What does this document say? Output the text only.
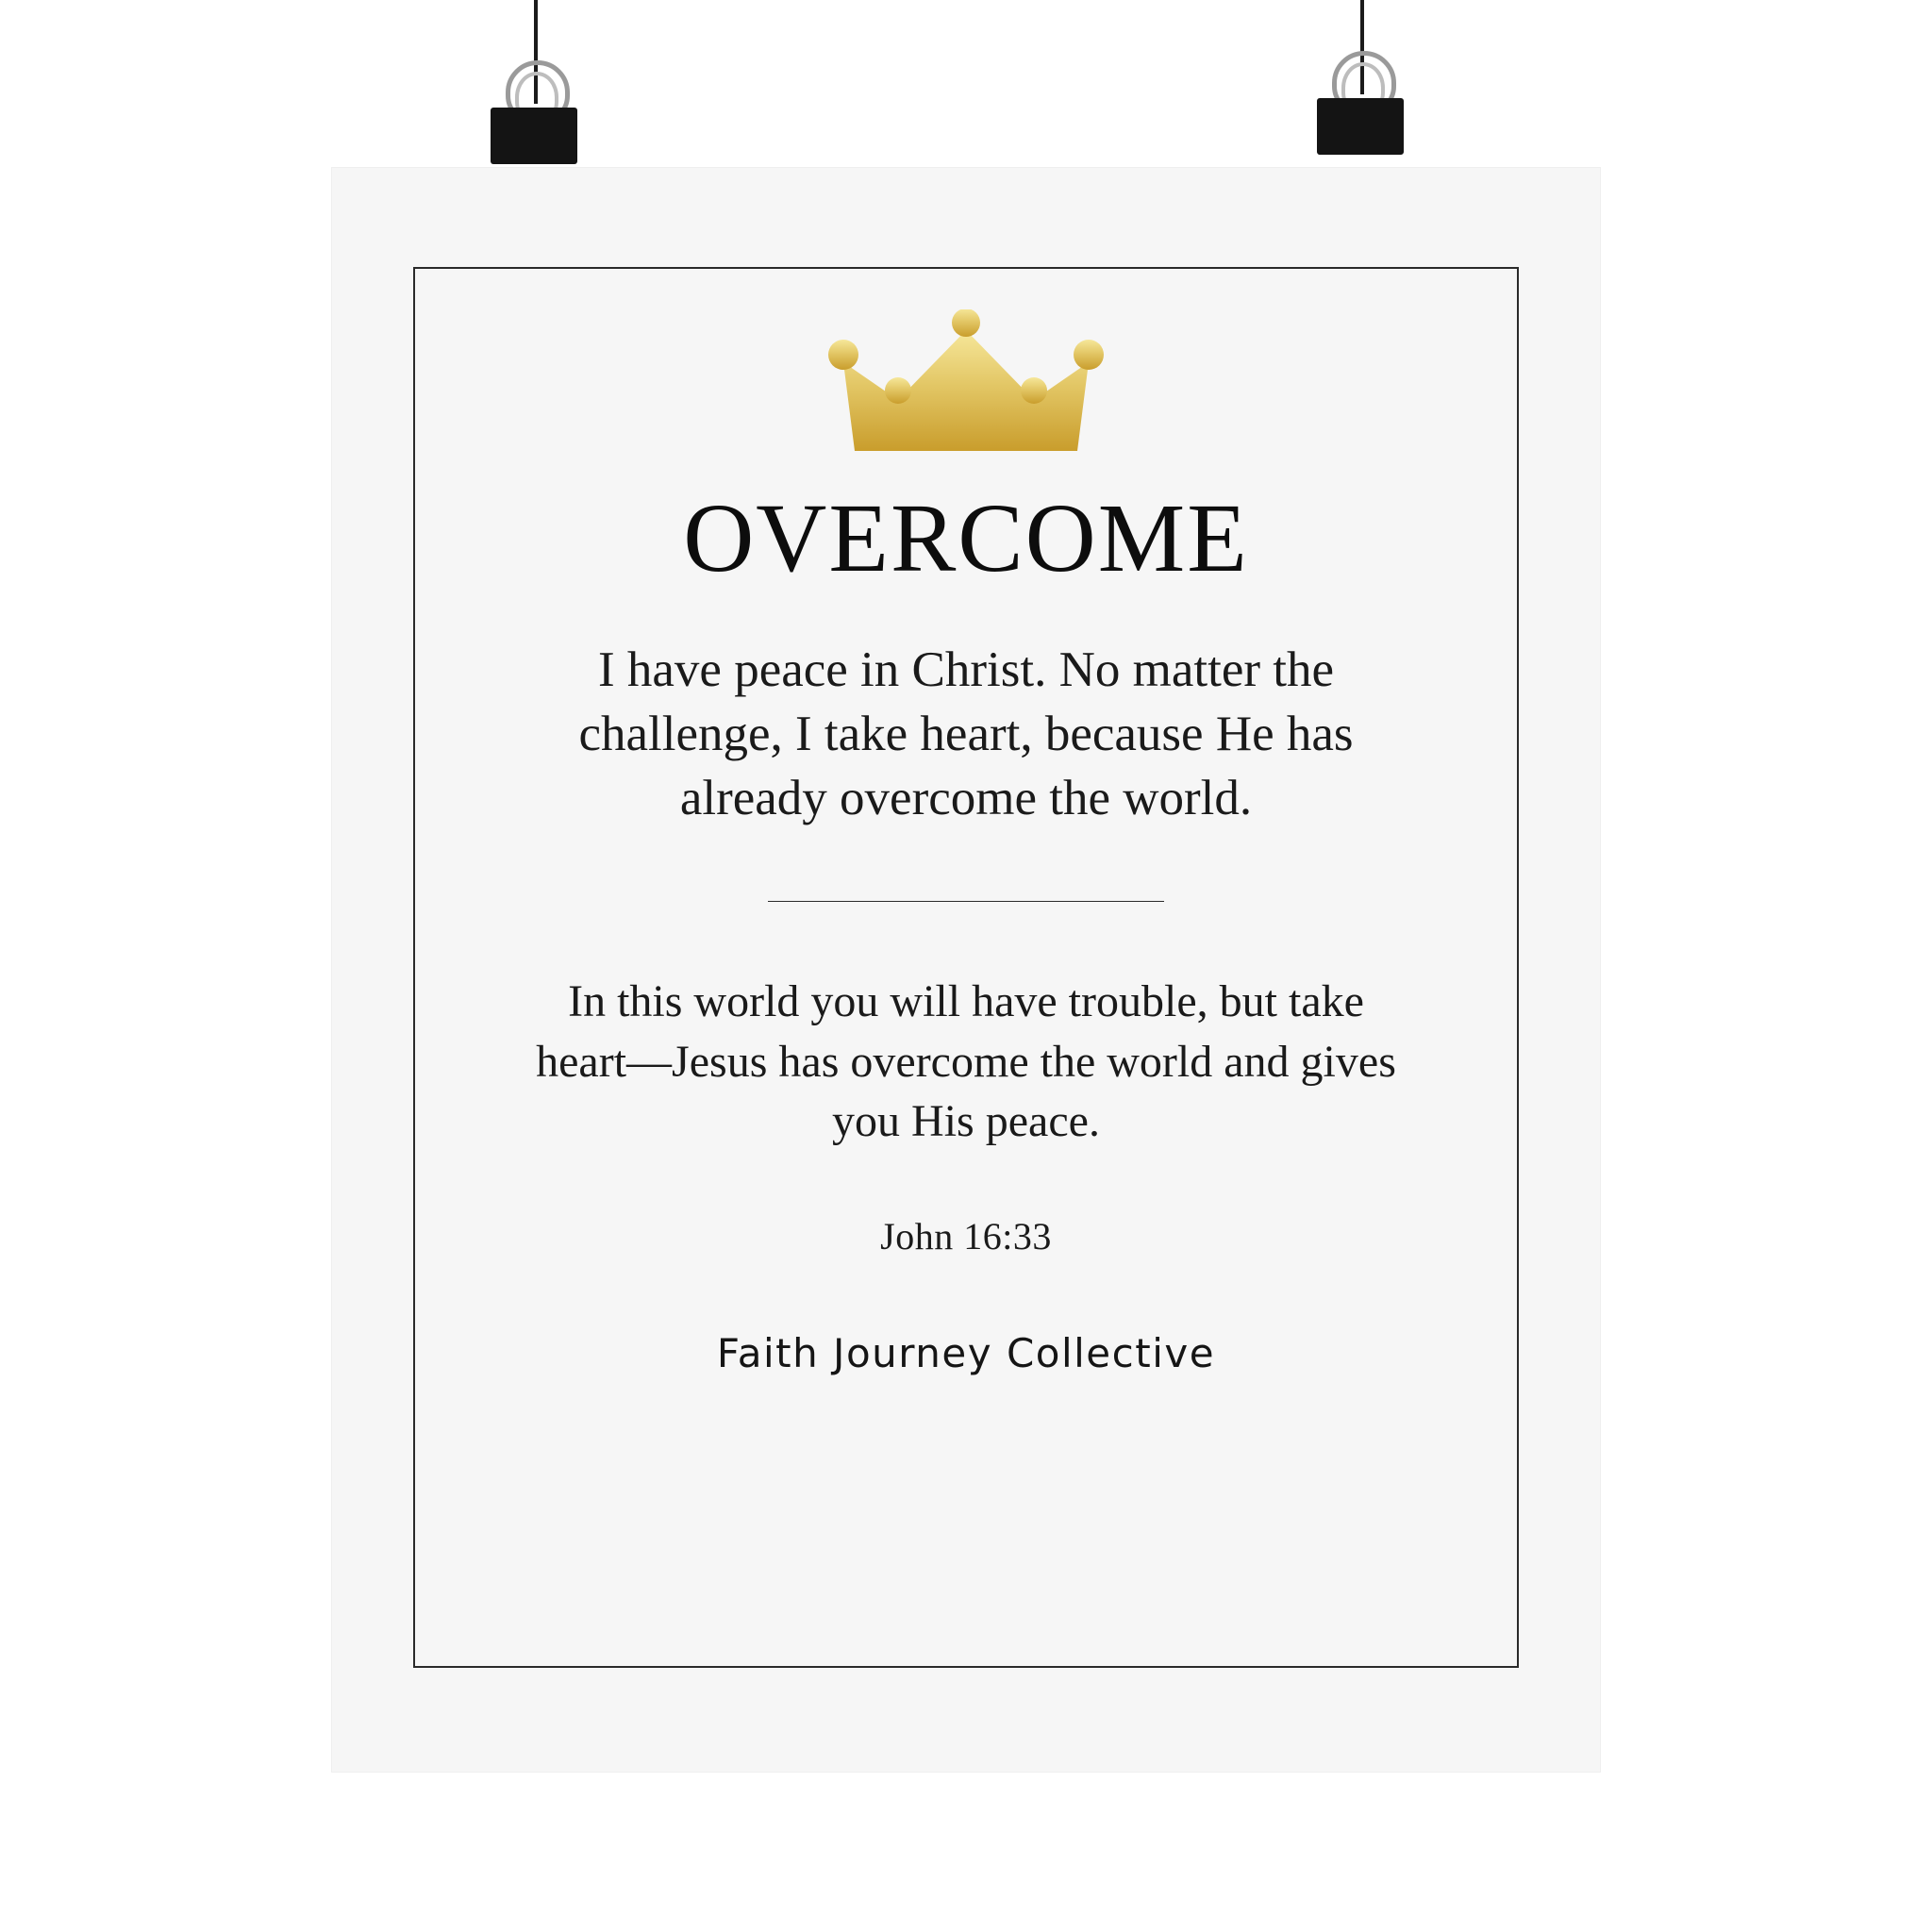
OVERCOME

I have peace in Christ. No matter the challenge, I take heart, because He has already overcome the world.

In this world you will have trouble, but take heart—Jesus has overcome the world and gives you His peace.

John 16:33

Faith Journey Collective
